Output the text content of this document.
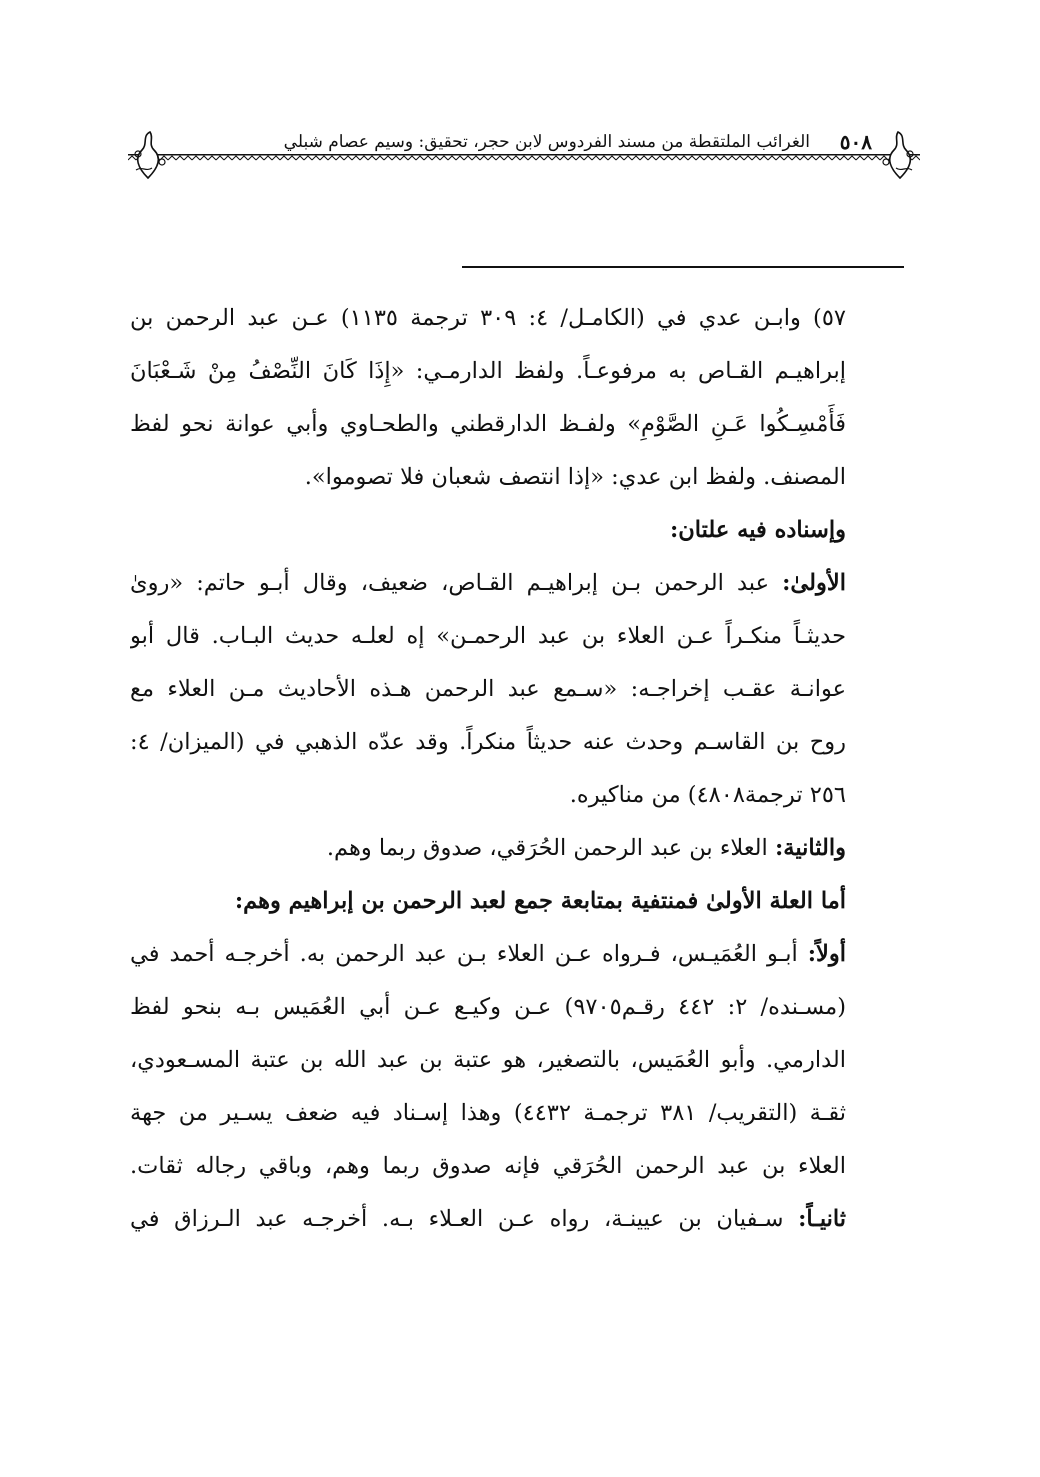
٥٠٨
الغرائب الملتقطة من مسند الفردوس لابن حجر، تحقيق: وسيم عصام شبلي
٥٧) وابـن عدي في (الكامـل/ ٤: ٣٠٩ ترجمة ١١٣٥) عـن عبد الرحمن بن
إبراهيـم القـاص به مرفوعـاً. ولفظ الدارمـي: «إِذَا كَانَ النِّصْفُ مِنْ شَـعْبَانَ
فَأَمْسِـكُوا عَـنِ الصَّوْمِ» ولفـظ الدارقطني والطحـاوي وأبي عوانة نحو لفظ
المصنف. ولفظ ابن عدي: «إذا انتصف شعبان فلا تصوموا».
وإسناده فيه علتان:
الأولىٰ: عبد الرحمن بـن إبراهيـم القـاص، ضعيف، وقال أبـو حاتم: «روىٰ
حديثـاً منكـراً عـن العلاء بن عبد الرحمـن» إه لعلـه حديث البـاب. قال أبو
عوانـة عقـب إخراجـه: «سـمع عبد الرحمن هـذه الأحاديث مـن العلاء مع
روح بن القاسـم وحدث عنه حديثاً منكراً. وقد عدّه الذهبي في (الميزان/ ٤:
٢٥٦ ترجمة٤٨٠٨) من مناكيره.
والثانية: العلاء بن عبد الرحمن الحُرَقي، صدوق ربما وهم.
أما العلة الأولىٰ فمنتفية بمتابعة جمع لعبد الرحمن بن إبراهيم وهم:
أولاً: أبـو العُمَيـس، فـرواه عـن العلاء بـن عبد الرحمن به. أخرجـه أحمد في
(مسـنده/ ٢: ٤٤٢ رقـم٩٧٠٥) عـن وكيـع عـن أبي العُمَيس بـه بنحو لفظ
الدارمي. وأبو العُمَيس، بالتصغير، هو عتبة بن عبد الله بن عتبة المسـعودي،
ثقـة (التقريب/ ٣٨١ ترجمـة ٤٤٣٢) وهذا إسـناد فيه ضعف يسـير من جهة
العلاء بن عبد الرحمن الحُرَقي فإنه صدوق ربما وهم، وباقي رجاله ثقات.
ثانيـاً: سـفيان بن عيينـة، رواه عـن العـلاء بـه. أخرجـه عبد الـرزاق في
